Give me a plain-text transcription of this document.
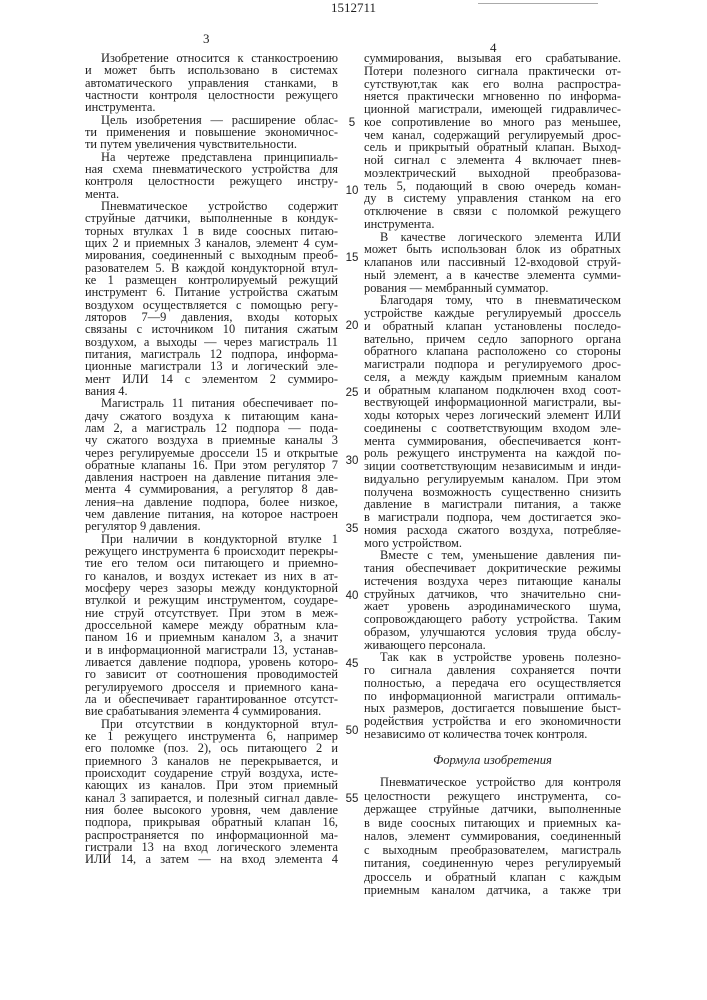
1512711
3
4
Изобретение относится к станкостроению
и может быть использовано в системах
автоматического управления станками, в
частности контроля целостности режущего
инструмента.
Цель изобретения — расширение облас-
ти применения и повышение экономичнос-
ти путем увеличения чувствительности.
На чертеже представлена принципиаль-
ная схема пневматического устройства для
контроля целостности режущего инстру-
мента.
Пневматическое устройство содержит
струйные датчики, выполненные в кондук-
торных втулках 1 в виде соосных питаю-
щих 2 и приемных 3 каналов, элемент 4 сум-
мирования, соединенный с выходным преоб-
разователем 5. В каждой кондукторной втул-
ке 1 размещен контролируемый режущий
инструмент 6. Питание устройства сжатым
воздухом осуществляется с помощью регу-
ляторов 7—9 давления, входы которых
связаны с источником 10 питания сжатым
воздухом, а выходы — через магистраль 11
питания, магистраль 12 подпора, информа-
ционные магистрали 13 и логический эле-
мент ИЛИ 14 с элементом 2 суммиро-
вания 4.
Магистраль 11 питания обеспечивает по-
дачу сжатого воздуха к питающим кана-
лам 2, а магистраль 12 подпора — пода-
чу сжатого воздуха в приемные каналы 3
через регулируемые дроссели 15 и открытые
обратные клапаны 16. При этом регулятор 7
давления настроен на давление питания эле-
мента 4 суммирования, а регулятор 8 дав-
ления–на давление подпора, более низкое,
чем давление питания, на которое настроен
регулятор 9 давления.
При наличии в кондукторной втулке 1
режущего инструмента 6 происходит перекры-
тие его телом оси питающего и приемно-
го каналов, и воздух истекает из них в ат-
мосферу через зазоры между кондукторной
втулкой и режущим инструментом, соударе-
ние струй отсутствует. При этом в меж-
дроссельной камере между обратным кла-
паном 16 и приемным каналом 3, а значит
и в информационной магистрали 13, устанав-
ливается давление подпора, уровень которо-
го зависит от соотношения проводимостей
регулируемого дросселя и приемного кана-
ла и обеспечивает гарантированное отсутст-
вие срабатывания элемента 4 суммирования.
При отсутствии в кондукторной втул-
ке 1 режущего инструмента 6, например
его поломке (поз. 2), ось питающего 2 и
приемного 3 каналов не перекрывается, и
происходит соударение струй воздуха, исте-
кающих из каналов. При этом приемный
канал 3 запирается, и полезный сигнал давле-
ния более высокого уровня, чем давление
подпора, прикрывая обратный клапан 16,
распространяется по информационной ма-
гистрали 13 на вход логического элемента
ИЛИ 14, а затем — на вход элемента 4
суммирования, вызывая его срабатывание.
Потери полезного сигнала практически от-
сутствуют,так как его волна распростра-
няется практически мгновенно по информа-
ционной магистрали, имеющей гидравличес-
кое сопротивление во много раз меньшее,
чем канал, содержащий регулируемый дрос-
сель и прикрытый обратный клапан. Выход-
ной сигнал с элемента 4 включает пнев-
моэлектрический выходной преобразова-
тель 5, подающий в свою очередь коман-
ду в систему управления станком на его
отключение в связи с поломкой режущего
инструмента.
В качестве логического элемента ИЛИ
может быть использован блок из обратных
клапанов или пассивный 12-входовой струй-
ный элемент, а в качестве элемента сумми-
рования — мембранный сумматор.
Благодаря тому, что в пневматическом
устройстве каждые регулируемый дроссель
и обратный клапан установлены последо-
вательно, причем седло запорного органа
обратного клапана расположено со стороны
магистрали подпора и регулируемого дрос-
селя, а между каждым приемным каналом
и обратным клапаном подключен вход соот-
вествующей информационной магистрали, вы-
ходы которых через логический элемент ИЛИ
соединены с соответствующим входом эле-
мента суммирования, обеспечивается конт-
роль режущего инструмента на каждой по-
зиции соответствующим независимым и инди-
видуально регулируемым каналом. При этом
получена возможность существенно снизить
давление в магистрали питания, а также
в магистрали подпора, чем достигается эко-
номия расхода сжатого воздуха, потребляе-
мого устройством.
Вместе с тем, уменьшение давления пи-
тания обеспечивает докритические режимы
истечения воздуха через питающие каналы
струйных датчиков, что значительно сни-
жает уровень аэродинамического шума,
сопровождающего работу устройства. Таким
образом, улучшаются условия труда обслу-
живающего персонала.
Так как в устройстве уровень полезно-
го сигнала давления сохраняется почти
полностью, а передача его осуществляется
по информационной магистрали оптималь-
ных размеров, достигается повышение быст-
родействия устройства и его экономичности
независимо от количества точек контроля.
Формула изобретения
Пневматическое устройство для контроля
целостности режущего инструмента, со-
держащее струйные датчики, выполненные
в виде соосных питающих и приемных ка-
налов, элемент суммирования, соединенный
с выходным преобразователем, магистраль
питания, соединенную через регулируемый
дроссель и обратный клапан с каждым
приемным каналом датчика, а также три
5
10
15
20
25
30
35
40
45
50
55
